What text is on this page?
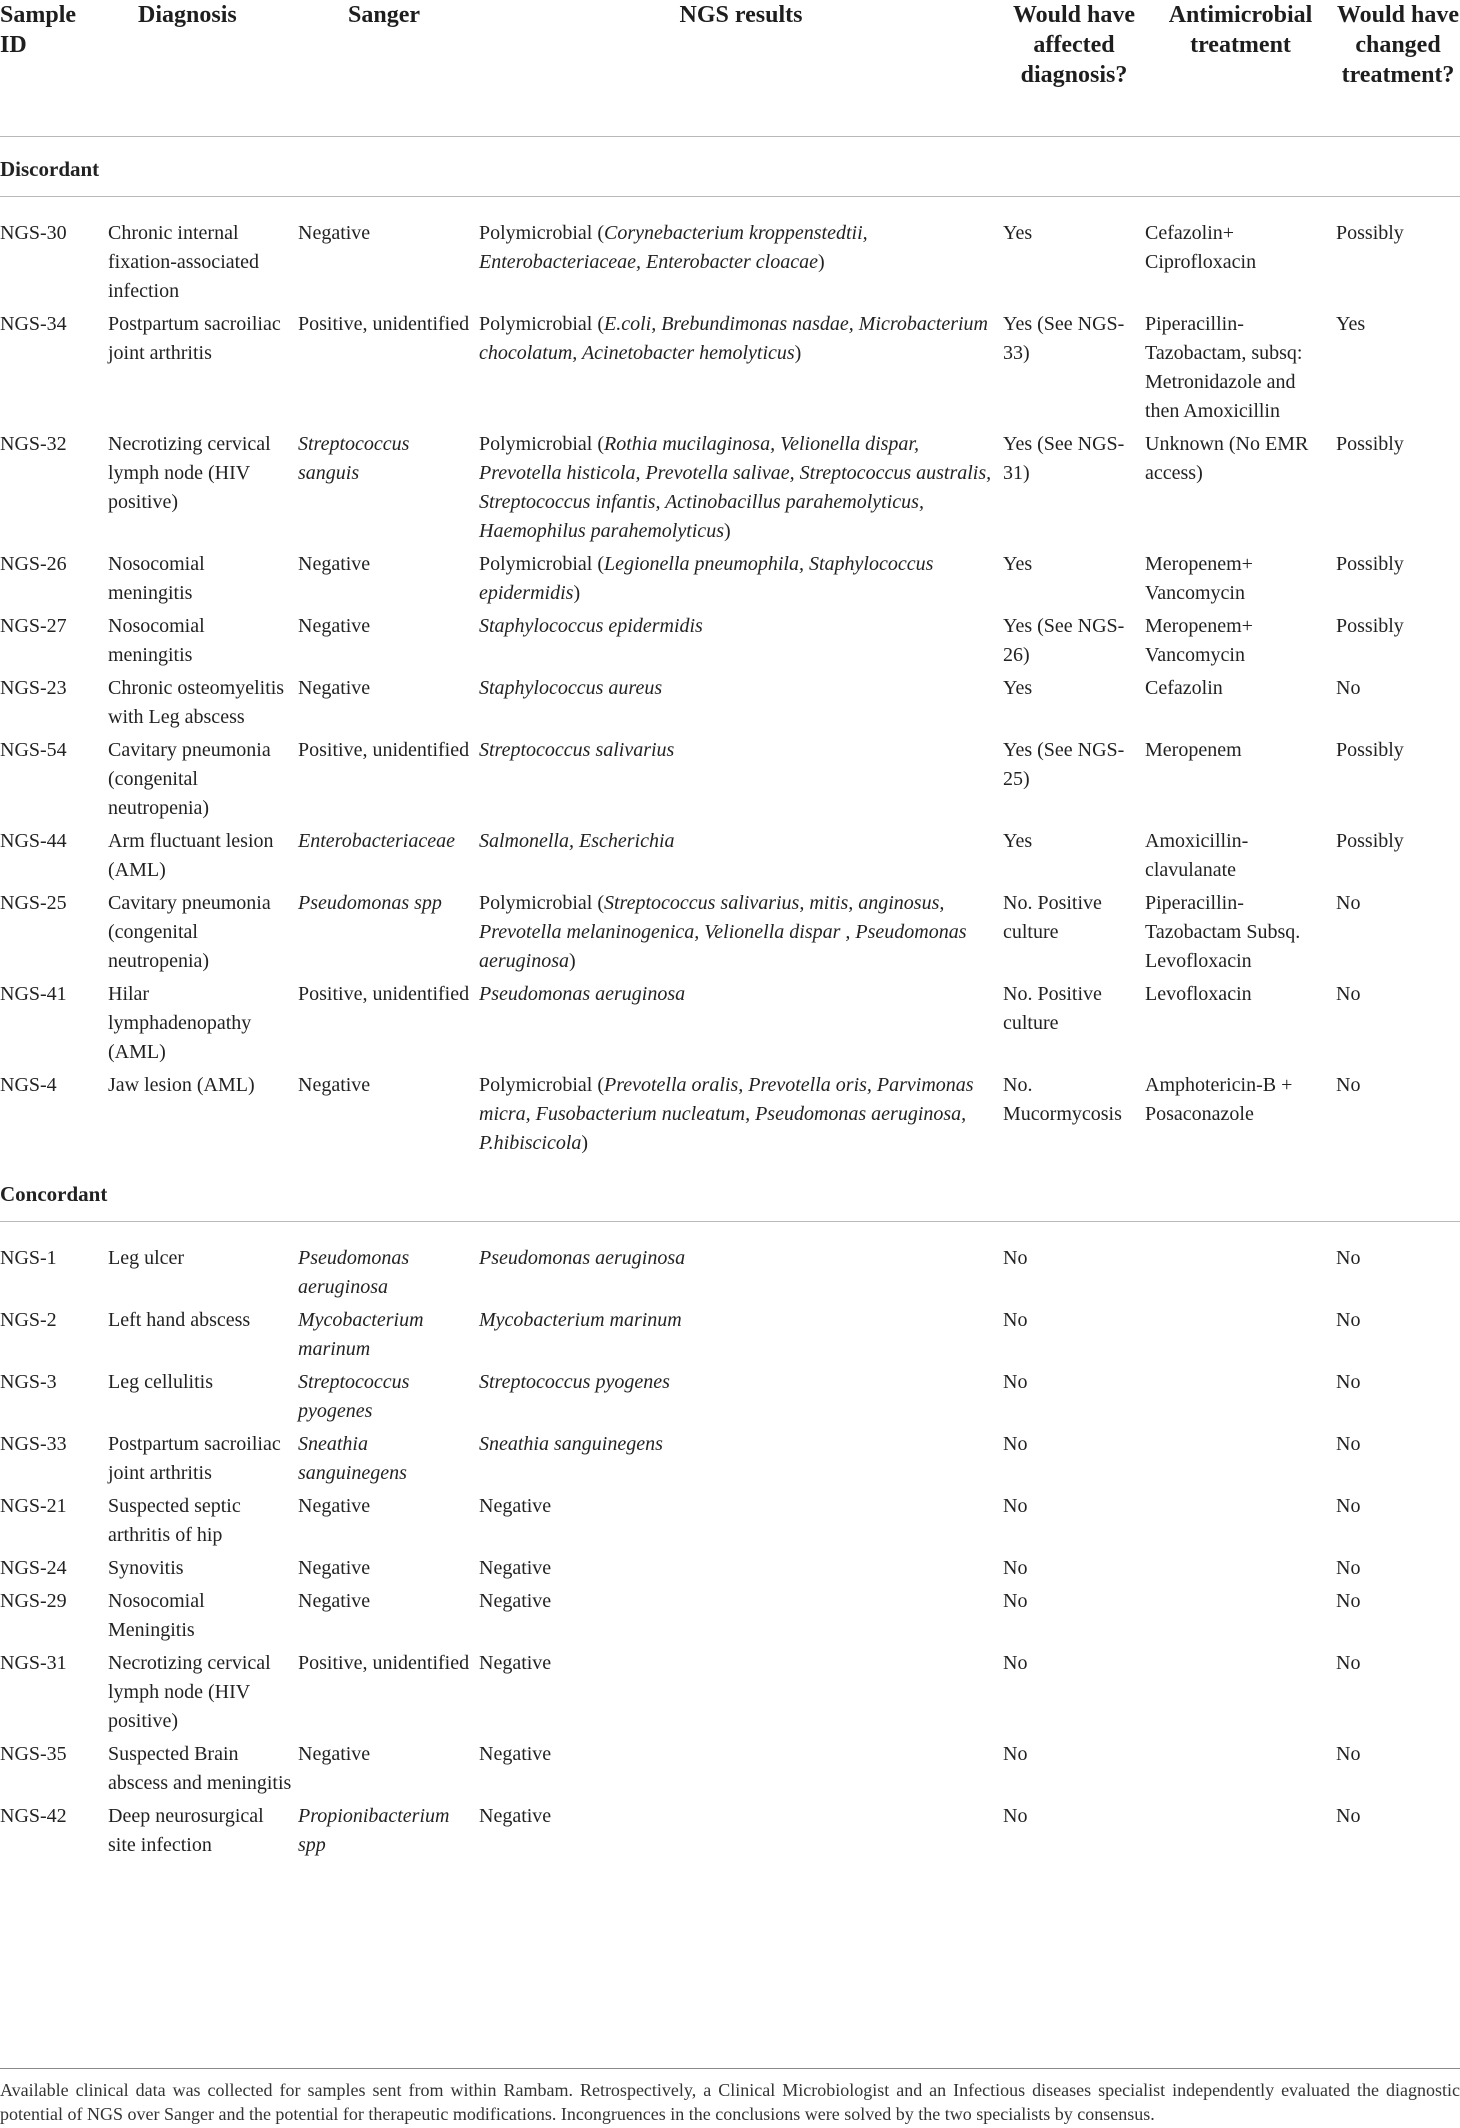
Sample ID	Diagnosis	Sanger	NGS results	Would have affected diagnosis?	Antimicrobial treatment	Would have changed treatment?
Discordant						
NGS-30	Chronic internal fixation-associated infection	Negative	Polymicrobial (Corynebacterium kroppenstedtii, Enterobacteriaceae, Enterobacter cloacae)	Yes	Cefazolin+ Ciprofloxacin	Possibly
NGS-34	Postpartum sacroiliac joint arthritis	Positive, unidentified	Polymicrobial (E.coli, Brebundimonas nasdae, Microbacterium chocolatum, Acinetobacter hemolyticus)	Yes (See NGS-33)	Piperacillin-Tazobactam, subsq: Metronidazole and then Amoxicillin	Yes
NGS-32	Necrotizing cervical lymph node (HIV positive)	Streptococcus sanguis	Polymicrobial (Rothia mucilaginosa, Velionella dispar, Prevotella histicola, Prevotella salivae, Streptococcus australis, Streptococcus infantis, Actinobacillus parahemolyticus, Haemophilus parahemolyticus)	Yes (See NGS-31)	Unknown (No EMR access)	Possibly
NGS-26	Nosocomial meningitis	Negative	Polymicrobial (Legionella pneumophila, Staphylococcus epidermidis)	Yes	Meropenem+ Vancomycin	Possibly
NGS-27	Nosocomial meningitis	Negative	Staphylococcus epidermidis	Yes (See NGS-26)	Meropenem+ Vancomycin	Possibly
NGS-23	Chronic osteomyelitis with Leg abscess	Negative	Staphylococcus aureus	Yes	Cefazolin	No
NGS-54	Cavitary pneumonia (congenital neutropenia)	Positive, unidentified	Streptococcus salivarius	Yes (See NGS-25)	Meropenem	Possibly
NGS-44	Arm fluctuant lesion (AML)	Enterobacteriaceae	Salmonella, Escherichia	Yes	Amoxicillin-clavulanate	Possibly
NGS-25	Cavitary pneumonia (congenital neutropenia)	Pseudomonas spp	Polymicrobial (Streptococcus salivarius, mitis, anginosus, Prevotella melaninogenica, Velionella dispar , Pseudomonas aeruginosa)	No. Positive culture	Piperacillin-Tazobactam Subsq. Levofloxacin	No
NGS-41	Hilar lymphadenopathy (AML)	Positive, unidentified	Pseudomonas aeruginosa	No. Positive culture	Levofloxacin	No
NGS-4	Jaw lesion (AML)	Negative	Polymicrobial (Prevotella oralis, Prevotella oris, Parvimonas micra, Fusobacterium nucleatum, Pseudomonas aeruginosa, P.hibiscicola)	No. Mucormycosis	Amphotericin-B + Posaconazole	No
Concordant						
NGS-1	Leg ulcer	Pseudomonas aeruginosa	Pseudomonas aeruginosa	No		No
NGS-2	Left hand abscess	Mycobacterium marinum	Mycobacterium marinum	No		No
NGS-3	Leg cellulitis	Streptococcus pyogenes	Streptococcus pyogenes	No		No
NGS-33	Postpartum sacroiliac joint arthritis	Sneathia sanguinegens	Sneathia sanguinegens	No		No
NGS-21	Suspected septic arthritis of hip	Negative	Negative	No		No
NGS-24	Synovitis	Negative	Negative	No		No
NGS-29	Nosocomial Meningitis	Negative	Negative	No		No
NGS-31	Necrotizing cervical lymph node (HIV positive)	Positive, unidentified	Negative	No		No
NGS-35	Suspected Brain abscess and meningitis	Negative	Negative	No		No
NGS-42	Deep neurosurgical site infection	Propionibacterium spp	Negative	No		No
Available clinical data was collected for samples sent from within Rambam. Retrospectively, a Clinical Microbiologist and an Infectious diseases specialist independently evaluated the diagnostic potential of NGS over Sanger and the potential for therapeutic modifications. Incongruences in the conclusions were solved by the two specialists by consensus.
